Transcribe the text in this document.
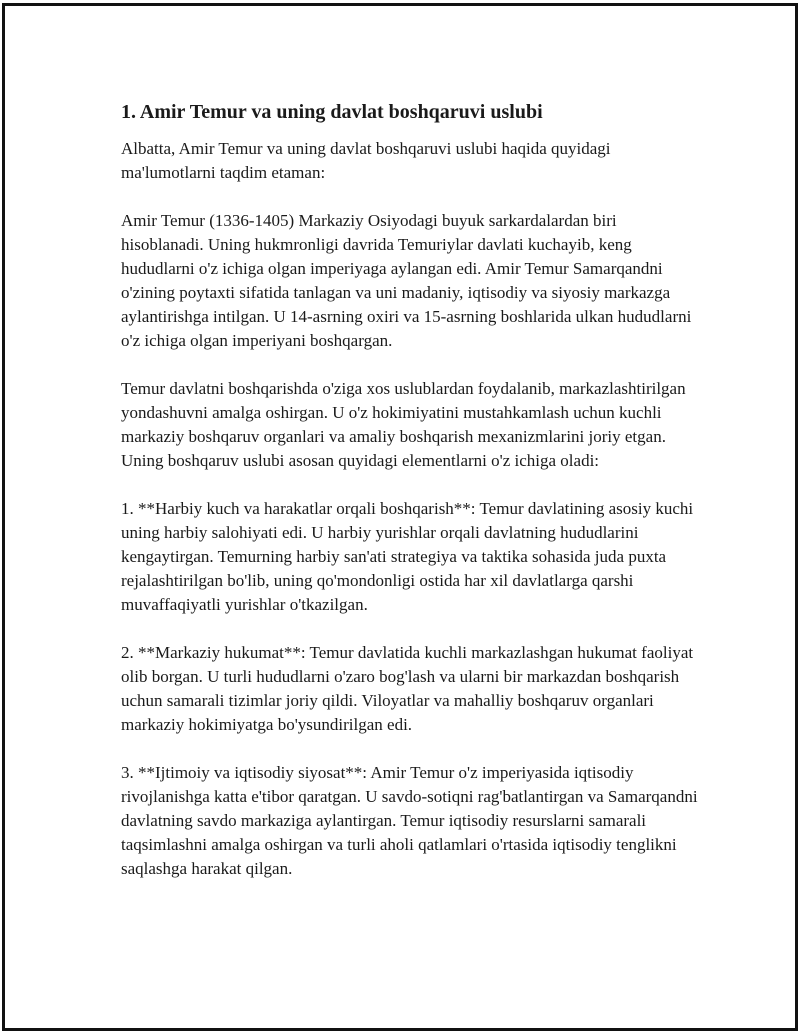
1. Amir Temur va uning davlat boshqaruvi uslubi

Albatta, Amir Temur va uning davlat boshqaruvi uslubi haqida quyidagi ma'lumotlarni taqdim etaman:

Amir Temur (1336-1405) Markaziy Osiyodagi buyuk sarkardalardan biri hisoblanadi. Uning hukmronligi davrida Temuriylar davlati kuchayib, keng hududlarni o'z ichiga olgan imperiyaga aylangan edi. Amir Temur Samarqandni o'zining poytaxti sifatida tanlagan va uni madaniy, iqtisodiy va siyosiy markazga aylantirishga intilgan. U 14-asrning oxiri va 15-asrning boshlarida ulkan hududlarni o'z ichiga olgan imperiyani boshqargan.

Temur davlatni boshqarishda o'ziga xos uslublardan foydalanib, markazlashtirilgan yondashuvni amalga oshirgan. U o'z hokimiyatini mustahkamlash uchun kuchli markaziy boshqaruv organlari va amaliy boshqarish mexanizmlarini joriy etgan. Uning boshqaruv uslubi asosan quyidagi elementlarni o'z ichiga oladi:

1. **Harbiy kuch va harakatlar orqali boshqarish**: Temur davlatining asosiy kuchi uning harbiy salohiyati edi. U harbiy yurishlar orqali davlatning hududlarini kengaytirgan. Temurning harbiy san'ati strategiya va taktika sohasida juda puxta rejalashtirilgan bo'lib, uning qo'mondonligi ostida har xil davlatlarga qarshi muvaffaqiyatli yurishlar o'tkazilgan.

2. **Markaziy hukumat**: Temur davlatida kuchli markazlashgan hukumat faoliyat olib borgan. U turli hududlarni o'zaro bog'lash va ularni bir markazdan boshqarish uchun samarali tizimlar joriy qildi. Viloyatlar va mahalliy boshqaruv organlari markaziy hokimiyatga bo'ysundirilgan edi.

3. **Ijtimoiy va iqtisodiy siyosat**: Amir Temur o'z imperiyasida iqtisodiy rivojlanishga katta e'tibor qaratgan. U savdo-sotiqni rag'batlantirgan va Samarqandni davlatning savdo markaziga aylantirgan. Temur iqtisodiy resurslarni samarali taqsimlashni amalga oshirgan va turli aholi qatlamlari o'rtasida iqtisodiy tenglikni saqlashga harakat qilgan.
